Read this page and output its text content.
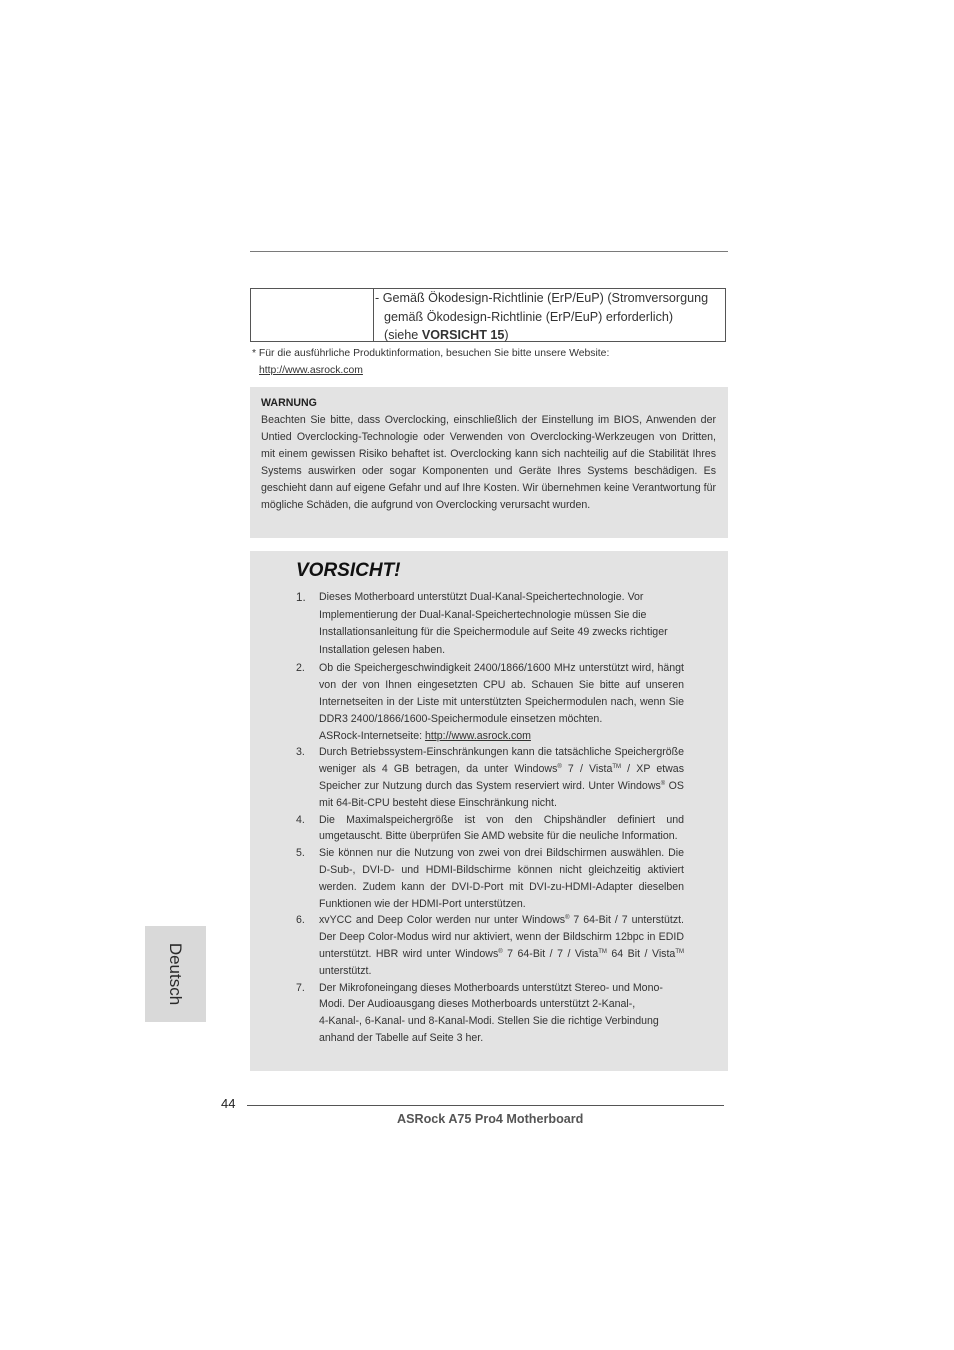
- Gemäß Ökodesign-Richtlinie (ErP/EuP) (Stromversorgung
gemäß Ökodesign-Richtlinie (ErP/EuP) erforderlich)
(siehe VORSICHT 15)
* Für die ausführliche Produktinformation, besuchen Sie bitte unsere Website:
http://www.asrock.com
WARNUNG
Beachten Sie bitte, dass Overclocking, einschließlich der Einstellung im BIOS, Anwenden der Untied Overclocking-Technologie oder Verwenden von Overclocking-Werkzeugen von Dritten, mit einem gewissen Risiko behaftet ist. Overclocking kann sich nachteilig auf die Stabilität Ihres Systems auswirken oder sogar Komponenten und Geräte Ihres Systems beschädigen. Es geschieht dann auf eigene Gefahr und auf Ihre Kosten. Wir übernehmen keine Verantwortung für mögliche Schäden, die aufgrund von Overclocking verursacht wurden.
VORSICHT!
1. Dieses Motherboard unterstützt Dual-Kanal-Speichertechnologie. Vor
Implementierung der Dual-Kanal-Speichertechnologie müssen Sie die
Installationsanleitung für die Speichermodule auf Seite 49 zwecks richtiger
Installation gelesen haben.
2. Ob die Speichergeschwindigkeit 2400/1866/1600 MHz unterstützt wird, hängt von der von Ihnen eingesetzten CPU ab. Schauen Sie bitte auf unseren Internetseiten in der Liste mit unterstützten Speichermodulen nach, wenn Sie DDR3 2400/1866/1600-Speichermodule einsetzen möchten.
ASRock-Internetseite: http://www.asrock.com
3. Durch Betriebssystem-Einschränkungen kann die tatsächliche Speichergröße weniger als 4 GB betragen, da unter Windows® 7 / Vista™ / XP etwas Speicher zur Nutzung durch das System reserviert wird. Unter Windows® OS mit 64-Bit-CPU besteht diese Einschränkung nicht.
4. Die Maximalspeichergröße ist von den Chipshändler definiert und umgetauscht. Bitte überprüfen Sie AMD website für die neuliche Information.
5. Sie können nur die Nutzung von zwei von drei Bildschirmen auswählen. Die D-Sub-, DVI-D- und HDMI-Bildschirme können nicht gleichzeitig aktiviert werden. Zudem kann der DVI-D-Port mit DVI-zu-HDMI-Adapter dieselben Funktionen wie der HDMI-Port unterstützen.
6. xvYCC and Deep Color werden nur unter Windows® 7 64-Bit / 7 unterstützt. Der Deep Color-Modus wird nur aktiviert, wenn der Bildschirm 12bpc in EDID unterstützt. HBR wird unter Windows® 7 64-Bit / 7 / Vista™ 64 Bit / Vista™ unterstützt.
7. Der Mikrofoneingang dieses Motherboards unterstützt Stereo- und Mono-
Modi. Der Audioausgang dieses Motherboards unterstützt 2-Kanal-,
4-Kanal-, 6-Kanal- und 8-Kanal-Modi. Stellen Sie die richtige Verbindung
anhand der Tabelle auf Seite 3 her.
Deutsch
44
ASRock A75 Pro4 Motherboard
